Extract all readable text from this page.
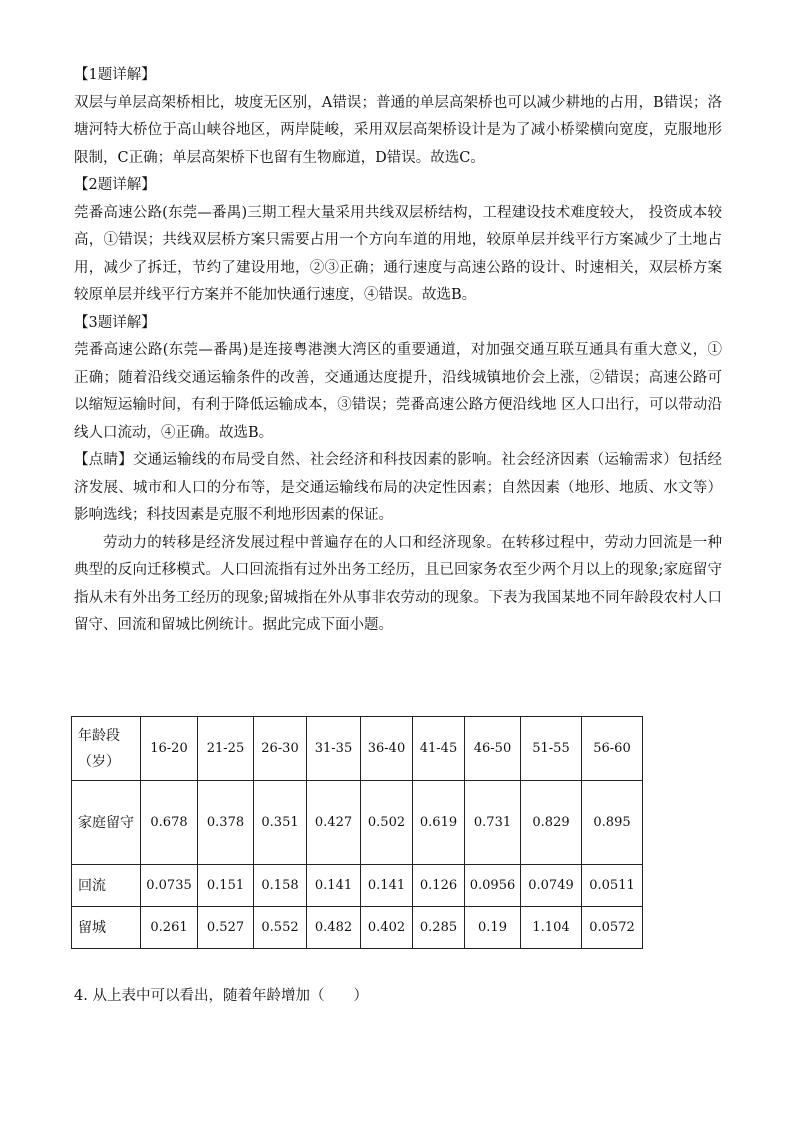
【1题详解】

双层与单层高架桥相比，坡度无区别，A错误；普通的单层高架桥也可以减少耕地的占用，B错误；洛塘河特大桥位于高山峡谷地区，两岸陡峻，采用双层高架桥设计是为了减小桥梁横向宽度，克服地形限制，C正确；单层高架桥下也留有生物廊道，D错误。故选C。

【2题详解】

莞番高速公路(东莞—番禺)三期工程大量采用共线双层桥结构，工程建设技术难度较大， 投资成本较高，①错误；共线双层桥方案只需要占用一个方向车道的用地，较原单层并线平行方案减少了土地占用，减少了拆迁，节约了建设用地，②③正确；通行速度与高速公路的设计、时速相关，双层桥方案较原单层并线平行方案并不能加快通行速度，④错误。故选B。

【3题详解】

莞番高速公路(东莞—番禺)是连接粤港澳大湾区的重要通道，对加强交通互联互通具有重大意义，①正确；随着沿线交通运输条件的改善，交通通达度提升，沿线城镇地价会上涨，②错误；高速公路可以缩短运输时间，有利于降低运输成本，③错误；莞番高速公路方便沿线地 区人口出行，可以带动沿线人口流动，④正确。故选B。

【点睛】交通运输线的布局受自然、社会经济和科技因素的影响。社会经济因素（运输需求）包括经济发展、城市和人口的分布等，是交通运输线布局的决定性因素；自然因素（地形、地质、水文等）影响选线；科技因素是克服不利地形因素的保证。

劳动力的转移是经济发展过程中普遍存在的人口和经济现象。在转移过程中，劳动力回流是一种典型的反向迁移模式。人口回流指有过外出务工经历，且已回家务农至少两个月以上的现象;家庭留守指从未有外出务工经历的现象;留城指在外从事非农劳动的现象。下表为我国某地不同年龄段农村人口留守、回流和留城比例统计。据此完成下面小题。

年龄段（岁）	16-20	21-25	26-30	31-35	36-40	41-45	46-50	51-55	56-60
家庭留守	0.678	0.378	0.351	0.427	0.502	0.619	0.731	0.829	0.895
回流	0.0735	0.151	0.158	0.141	0.141	0.126	0.0956	0.0749	0.0511
留城	0.261	0.527	0.552	0.482	0.402	0.285	0.19	1.104	0.0572
4. 从上表中可以看出，随着年龄增加（　　）
